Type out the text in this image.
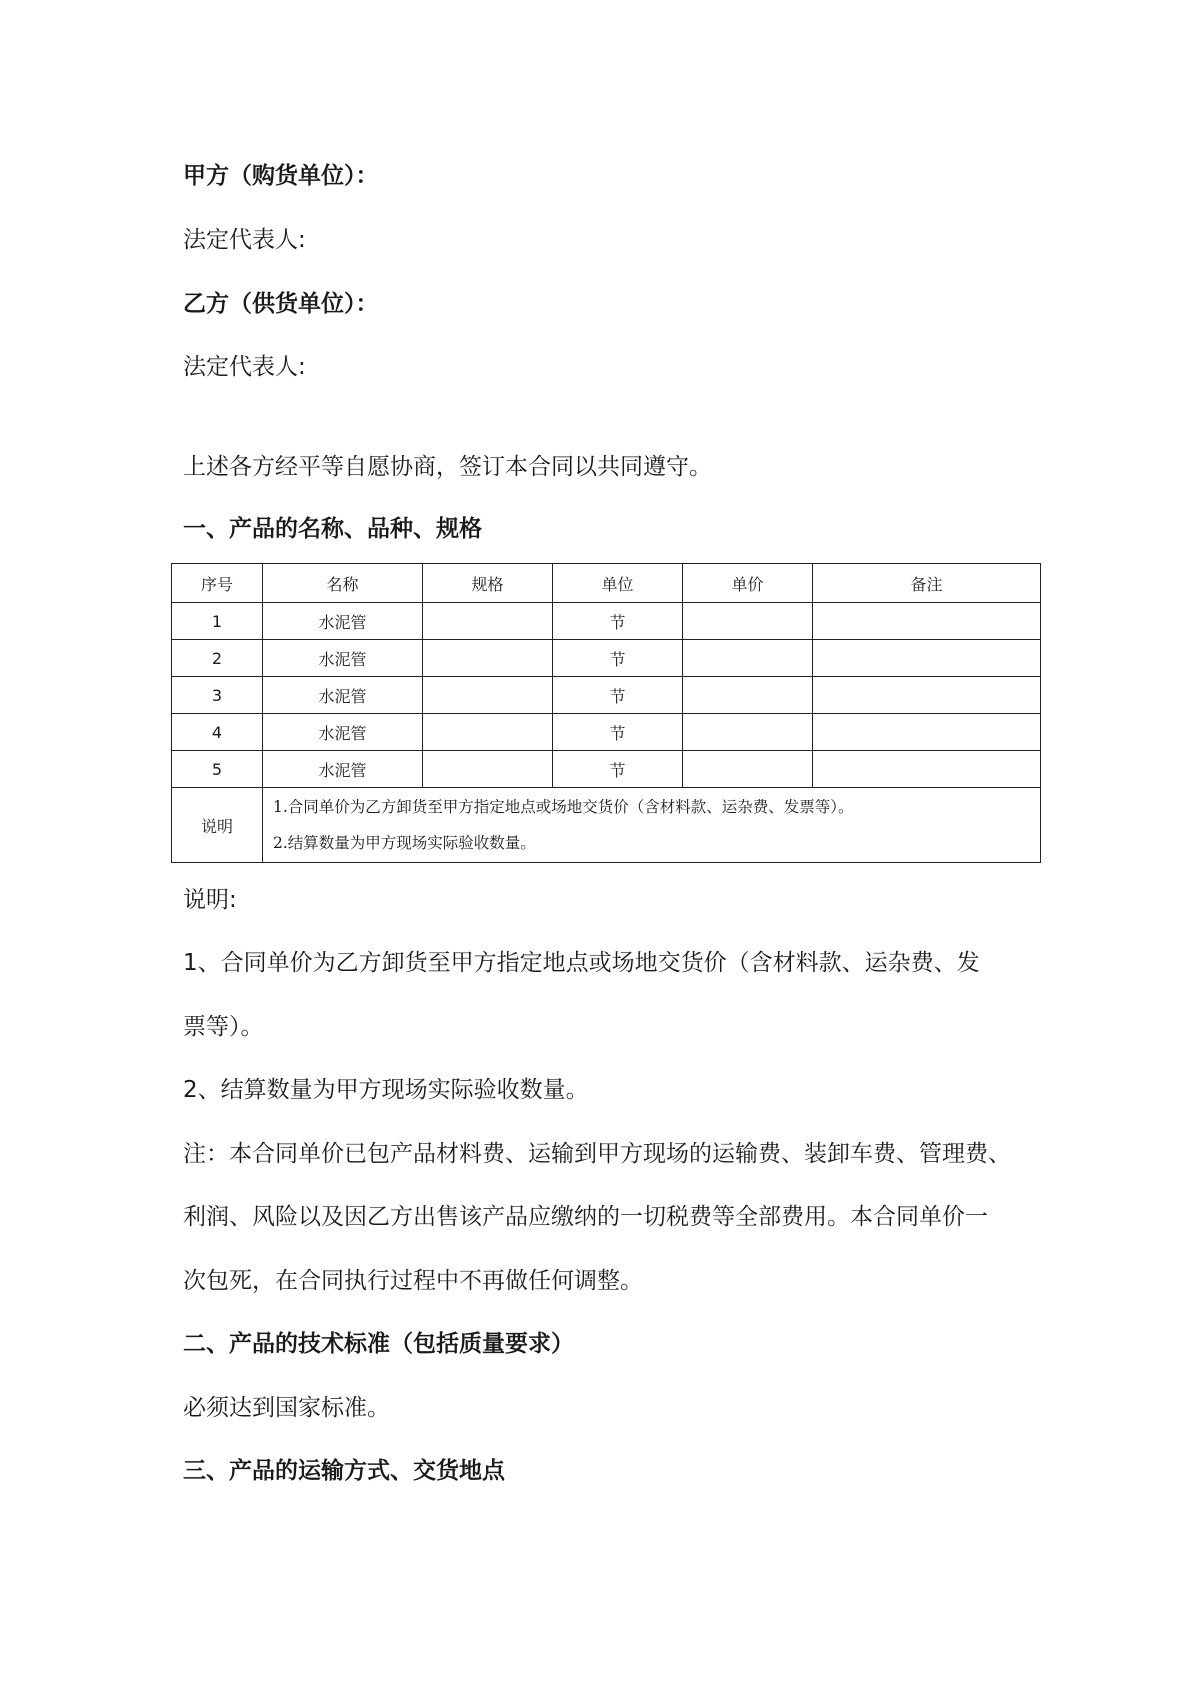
甲方（购货单位）：
法定代表人:
乙方（供货单位）：
法定代表人:
上述各方经平等自愿协商，签订本合同以共同遵守。
一、产品的名称、品种、规格
序号	名称	规格	单位	单价	备注
1	水泥管		节		
2	水泥管		节		
3	水泥管		节		
4	水泥管		节		
5	水泥管		节		
说明	1.合同单价为乙方卸货至甲方指定地点或场地交货价（含材料款、运杂费、发票等）。
2.结算数量为甲方现场实际验收数量。				
说明:
1、合同单价为乙方卸货至甲方指定地点或场地交货价（含材料款、运杂费、发
票等）。
2、结算数量为甲方现场实际验收数量。
注：本合同单价已包产品材料费、运输到甲方现场的运输费、装卸车费、管理费、
利润、风险以及因乙方出售该产品应缴纳的一切税费等全部费用。本合同单价一
次包死，在合同执行过程中不再做任何调整。
二、产品的技术标准（包括质量要求）
必须达到国家标准。
三、产品的运输方式、交货地点
